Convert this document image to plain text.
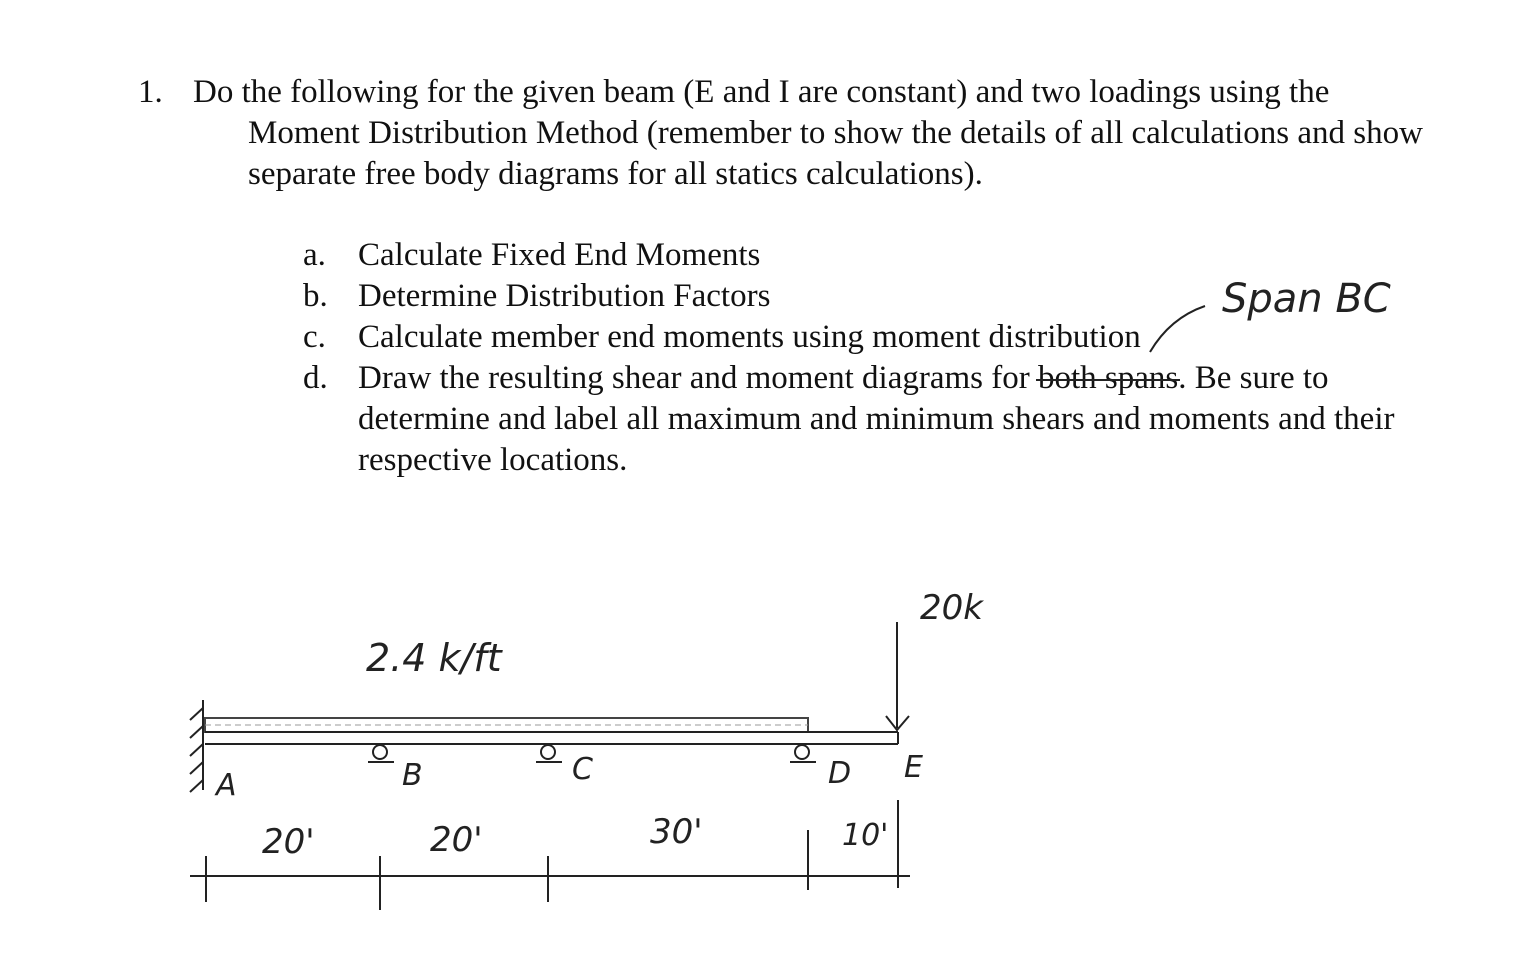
1. Do the following for the given beam (E and I are constant) and two loadings using the Moment Distribution Method (remember to show the details of all calculations and show separate free body diagrams for all statics calculations).
a. Calculate Fixed End Moments
b. Determine Distribution Factors
c. Calculate member end moments using moment distribution
d. Draw the resulting shear and moment diagrams for both spans. Be sure to determine and label all maximum and minimum shears and moments and their respective locations.
Span BC
2.4 k/ft
20k
A	B	C	D E
20'	20'	30'	10'
